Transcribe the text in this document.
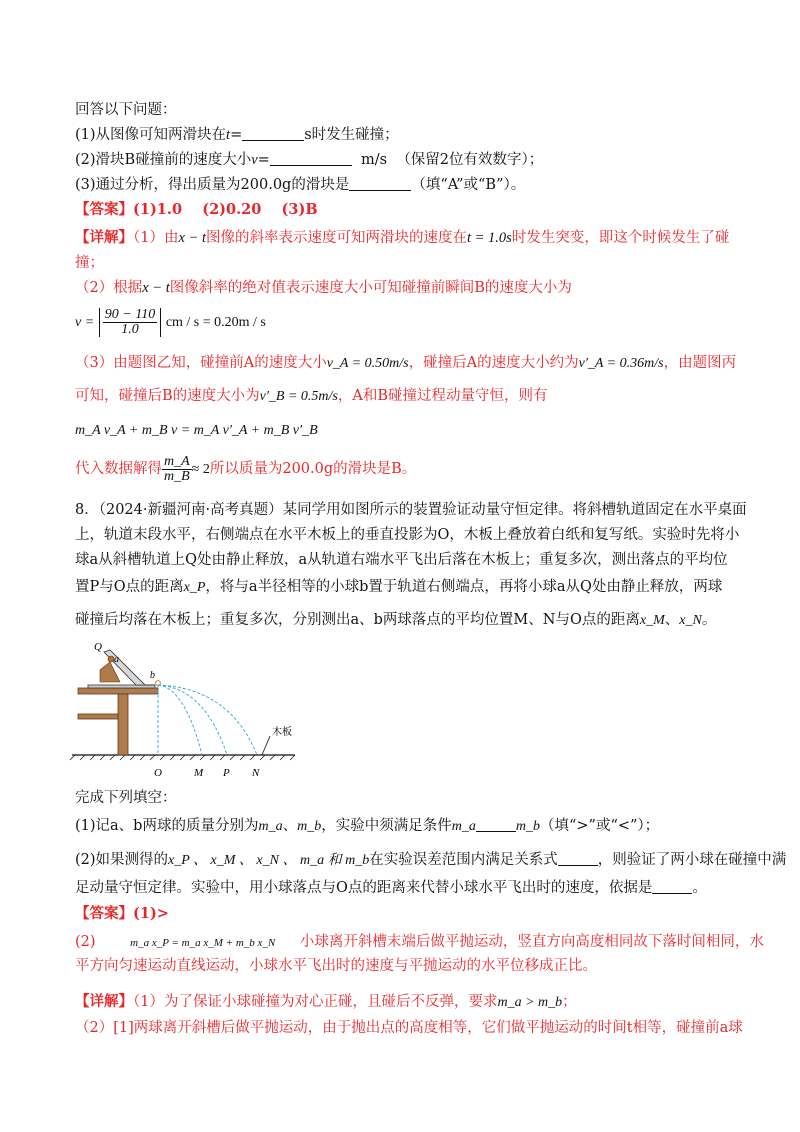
回答以下问题：
(1)从图像可知两滑块在t=	s时发生碰撞；
(2)滑块B碰撞前的速度大小v=	m/s （保留2位有效数字）；
(3)通过分析，得出质量为200.0g的滑块是	（填“A”或“B”）。
【答案】(1)1.0    (2)0.20    (3)B
【详解】（1）由x − t图像的斜率表示速度可知两滑块的速度在t = 1.0s时发生突变，即这个时候发生了碰
撞；
（2）根据x − t图像斜率的绝对值表示速度大小可知碰撞前瞬间B的速度大小为
$v = \frac{90 - 110}{1.0}$ cm / s = 0.20m / s
（3）由题图乙知，碰撞前A的速度大小v_A = 0.50m/s，碰撞后A的速度大小约为v′_A = 0.36m/s，由题图丙
可知，碰撞后B的速度大小为v′_B = 0.5m/s，A和B碰撞过程动量守恒，则有
m_A v_A + m_B v = m_A v′_A + m_B v′_B
代入数据解得 $\frac{m\_A}{m\_B} \approx 2$所以质量为200.0g的滑块是B。
8．（2024·新疆河南·高考真题）某同学用如图所示的装置验证动量守恒定律。将斜槽轨道固定在水平桌面
上，轨道末段水平，右侧端点在水平木板上的垂直投影为O，木板上叠放着白纸和复写纸。实验时先将小
球a从斜槽轨道上Q处由静止释放，a从轨道右端水平飞出后落在木板上；重复多次，测出落点的平均位
置P与O点的距离x_P，将与a半径相等的小球b置于轨道右侧端点，再将小球a从Q处由静止释放，两球
碰撞后均落在木板上；重复多次，分别测出a、b两球落点的平均位置M、N与O点的距离x_M、x_N。
Q
a
b
木板
O	M P N
完成下列填空：
(1)记a、b两球的质量分别为m_a、m_b，实验中须满足条件m_a	m_b（填“>”或“<”）；
(2)如果测得的x_P 、 x_M 、 x_N 、 m_a 和 m_b在实验误差范围内满足关系式	，则验证了两小球在碰撞中满
足动量守恒定律。实验中，用小球落点与O点的距离来代替小球水平飞出时的速度，依据是	。
【答案】(1)>
(2)	m_a x_P = m_a x_M + m_b x_N 小球离开斜槽末端后做平抛运动，竖直方向高度相同故下落时间相同，水
平方向匀速运动直线运动，小球水平飞出时的速度与平抛运动的水平位移成正比。
【详解】（1）为了保证小球碰撞为对心正碰，且碰后不反弹，要求m_a > m_b；
（2）[1]两球离开斜槽后做平抛运动，由于抛出点的高度相等，它们做平抛运动的时间t相等，碰撞前a球
